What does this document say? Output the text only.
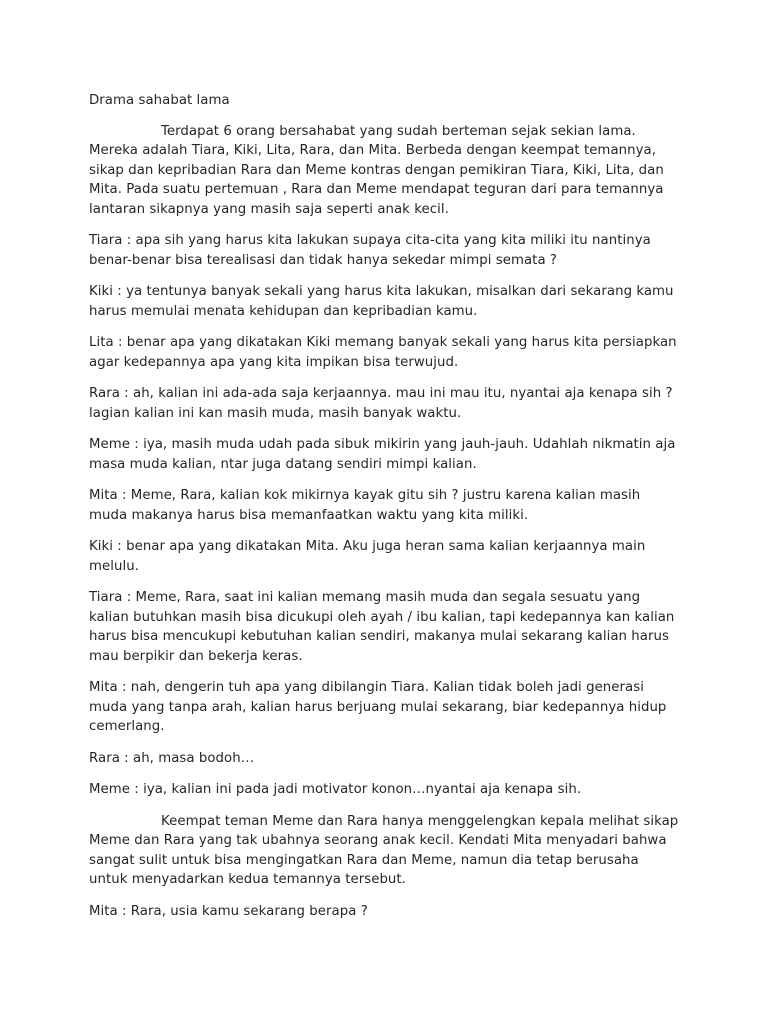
Drama sahabat lama

Terdapat 6 orang bersahabat yang sudah berteman sejak sekian lama. Mereka adalah Tiara, Kiki, Lita, Rara, dan Mita. Berbeda dengan keempat temannya, sikap dan kepribadian Rara dan Meme kontras dengan pemikiran Tiara, Kiki, Lita, dan Mita. Pada suatu pertemuan , Rara dan Meme mendapat teguran dari para temannya lantaran sikapnya yang masih saja seperti anak kecil.

Tiara : apa sih yang harus kita lakukan supaya cita-cita yang kita miliki itu nantinya benar-benar bisa terealisasi dan tidak hanya sekedar mimpi semata ?

Kiki : ya tentunya banyak sekali yang harus kita lakukan, misalkan dari sekarang kamu harus memulai menata kehidupan dan kepribadian kamu.

Lita : benar apa yang dikatakan Kiki memang banyak sekali yang harus kita persiapkan agar kedepannya apa yang kita impikan bisa terwujud.

Rara : ah, kalian ini ada-ada saja kerjaannya. mau ini mau itu, nyantai aja kenapa sih ? lagian kalian ini kan masih muda, masih banyak waktu.

Meme : iya, masih muda udah pada sibuk mikirin yang jauh-jauh. Udahlah nikmatin aja masa muda kalian, ntar juga datang sendiri mimpi kalian.

Mita : Meme, Rara, kalian kok mikirnya kayak gitu sih ? justru karena kalian masih muda makanya harus bisa memanfaatkan waktu yang kita miliki.

Kiki : benar apa yang dikatakan Mita. Aku juga heran sama kalian kerjaannya main melulu.

Tiara : Meme, Rara, saat ini kalian memang masih muda dan segala sesuatu yang kalian butuhkan masih bisa dicukupi oleh ayah / ibu kalian, tapi kedepannya kan kalian harus bisa mencukupi kebutuhan kalian sendiri, makanya mulai sekarang kalian harus mau berpikir dan bekerja keras.

Mita : nah, dengerin tuh apa yang dibilangin Tiara. Kalian tidak boleh jadi generasi muda yang tanpa arah, kalian harus berjuang mulai sekarang, biar kedepannya hidup cemerlang.

Rara : ah, masa bodoh…

Meme : iya, kalian ini pada jadi motivator konon…nyantai aja kenapa sih.

Keempat teman Meme dan Rara hanya menggelengkan kepala melihat sikap Meme dan Rara yang tak ubahnya seorang anak kecil. Kendati Mita menyadari bahwa sangat sulit untuk bisa mengingatkan Rara dan Meme, namun dia tetap berusaha untuk menyadarkan kedua temannya tersebut.

Mita : Rara, usia kamu sekarang berapa ?
